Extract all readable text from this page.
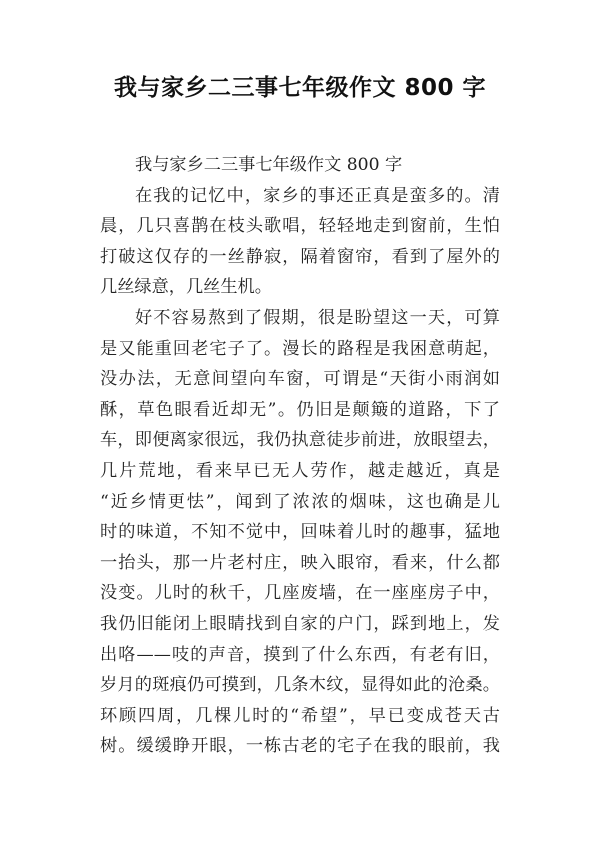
我与家乡二三事七年级作文 800 字
我与家乡二三事七年级作文 800 字
在我的记忆中，家乡的事还正真是蛮多的。清
晨，几只喜鹊在枝头歌唱，轻轻地走到窗前，生怕
打破这仅存的一丝静寂，隔着窗帘，看到了屋外的
几丝绿意，几丝生机。
好不容易熬到了假期，很是盼望这一天，可算
是又能重回老宅子了。漫长的路程是我困意萌起，
没办法，无意间望向车窗，可谓是“天街小雨润如
酥，草色眼看近却无”。仍旧是颠簸的道路，下了
车，即便离家很远，我仍执意徒步前进，放眼望去，
几片荒地，看来早已无人劳作，越走越近，真是
“近乡情更怯”，闻到了浓浓的烟味，这也确是儿
时的味道，不知不觉中，回味着儿时的趣事，猛地
一抬头，那一片老村庄，映入眼帘，看来，什么都
没变。儿时的秋千，几座废墙，在一座座房子中，
我仍旧能闭上眼睛找到自家的户门，踩到地上，发
出咯——吱的声音，摸到了什么东西，有老有旧，
岁月的斑痕仍可摸到，几条木纹，显得如此的沧桑。
环顾四周，几棵儿时的“希望”，早已变成苍天古
树。缓缓睁开眼，一栋古老的宅子在我的眼前，我
